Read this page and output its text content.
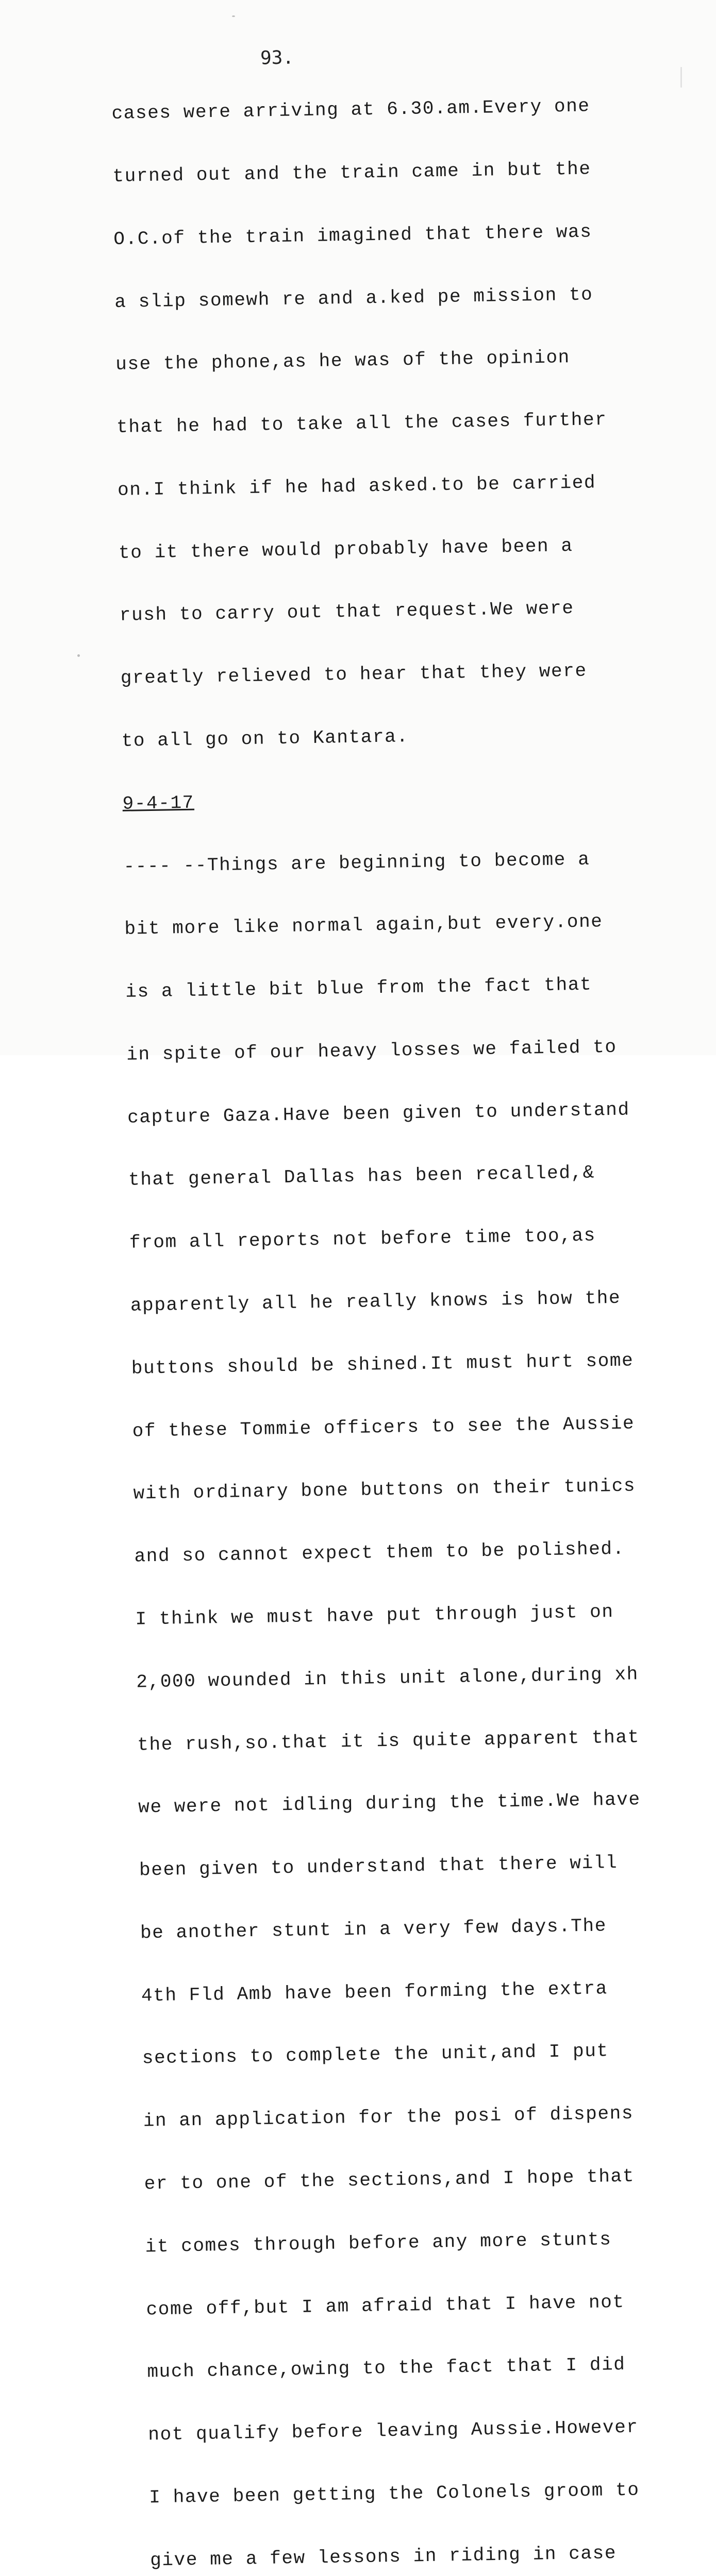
93.

cases were arriving at 6.30.am.Every one

turned out and the train came in but the

O.C.of the train imagined that there was

a slip somewh re and a.ked pe mission to

use the phone,as he was of the opinion

that he had to take all the cases further

on.I think if he had asked.to be carried

to it there would probably have been a

rush to carry out that request.We were

greatly relieved to hear that they were

to all go on to Kantara.

9-4-17

---- --Things are beginning to become a

bit more like normal again,but every.one

is a little bit blue from the fact that

in spite of our heavy losses we failed to

capture Gaza.Have been given to understand

that general Dallas has been recalled,&

from all reports not before time too,as

apparently all he really knows is how the

buttons should be shined.It must hurt some

of these Tommie officers to see the Aussie

with ordinary bone buttons on their tunics

and so cannot expect them to be polished.

I think we must have put through just on

2,000 wounded in this unit alone,during xh

the rush,so.that it is quite apparent that

we were not idling during the time.We have

been given to understand that there will

be another stunt in a very few days.The

4th Fld Amb have been forming the extra

sections to complete the unit,and I put

in an application for the posi of dispens

er to one of the sections,and I hope that

it comes through before any more stunts

come off,but I am afraid that I have not

much chance,owing to the fact that I did

not qualify before leaving Aussie.However

I have been getting the Colonels groom to

give me a few lessons in riding in case
